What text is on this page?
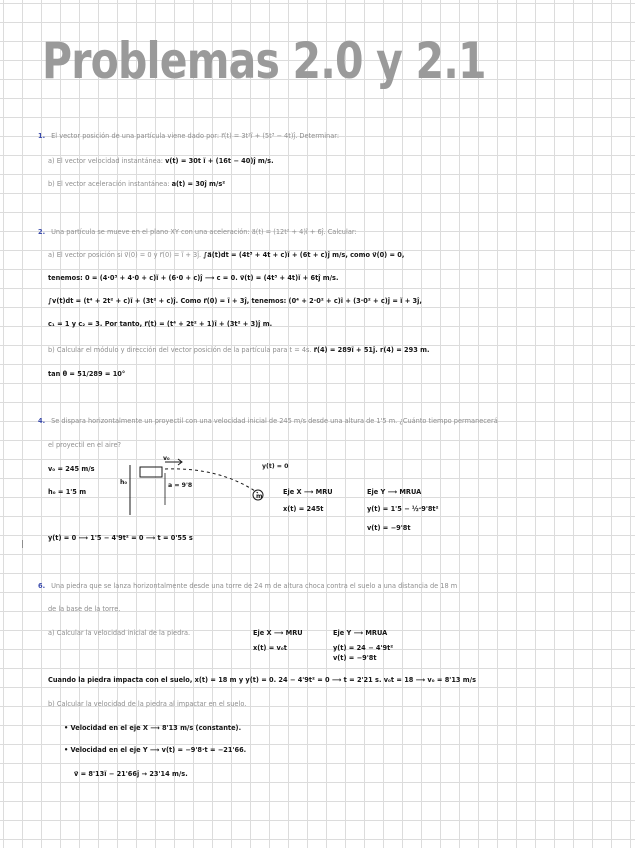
Problemas 2.0 y 2.1
1. El vector posición de una partícula viene dado por: r⃗(t) = 3t²ĩ + (5t³ − 4t)ĵ. Determinar:
a) El vector velocidad instantánea: v(t) = 30t ĩ + (16t − 40)ĵ m/s.
b) El vector aceleración instantánea: a(t) = 30ĵ m/s²
2. Una partícula se mueve en el plano XY con una aceleración: a⃗(t) = (12t² + 4)ĩ + 6ĵ. Calcular:
a) El vector posición si v⃗(0) = 0 y r⃗(0) = ĩ + 3ĵ. ∫a⃗(t)dt = (4t³ + 4t + c)ĩ + (6t + c)ĵ m/s, como v⃗(0) = 0,
tenemos: 0 = (4·0³ + 4·0 + c)ĩ + (6·0 + c)ĵ ⟶ c = 0. v⃗(t) = (4t³ + 4t)ĩ + 6tĵ m/s.
∫v(t)dt = (t⁴ + 2t² + c)ĩ + (3t² + c)ĵ. Como r⃗(0) = ĩ + 3ĵ, tenemos: (0⁴ + 2·0² + c)ĩ + (3·0² + c)ĵ = ĩ + 3ĵ,
c₁ = 1 y c₂ = 3. Por tanto, r⃗(t) = (t⁴ + 2t² + 1)ĩ + (3t² + 3)ĵ m.
b) Calcular el módulo y dirección del vector posición de la partícula para t = 4s. r⃗(4) = 289ĩ + 51ĵ. r(4) = 293 m.
tan θ = 51/289 = 10°
4. Se dispara horizontalmente un proyectil con una velocidad inicial de 245 m/s desde una altura de 1'5 m. ¿Cuánto tiempo permanecerá
el proyectil en el aire?
v₀ = 245 m/s
h₀ = 1'5 m
v₀
h₀	a = 9'8
y(t) = 0
m
Eje X ⟶ MRU
x(t) = 245t
Eje Y ⟶ MRUA
y(t) = 1'5 − ½·9'8t²
v(t) = −9'8t
y(t) = 0 ⟶ 1'5 − 4'9t² = 0 ⟶ t = 0'55 s
6. Una piedra que se lanza horizontalmente desde una torre de 24 m de altura choca contra el suelo a una distancia de 18 m
de la base de la torre.
a) Calcular la velocidad inicial de la piedra.	Eje X ⟶ MRU
x(t) = v₀t
Eje Y ⟶ MRUA
y(t) = 24 − 4'9t²
v(t) = −9'8t
Cuando la piedra impacta con el suelo, x(t) = 18 m y y(t) = 0. 24 − 4'9t² = 0 ⟶ t = 2'21 s. v₀t = 18 ⟶ v₀ = 8'13 m/s
b) Calcular la velocidad de la piedra al impactar en el suelo.
• Velocidad en el eje X ⟶ 8'13 m/s (constante).
• Velocidad en el eje Y ⟶ v(t) = −9'8·t = −21'66.
v⃗ = 8'13ĩ − 21'66ĵ → 23'14 m/s.
